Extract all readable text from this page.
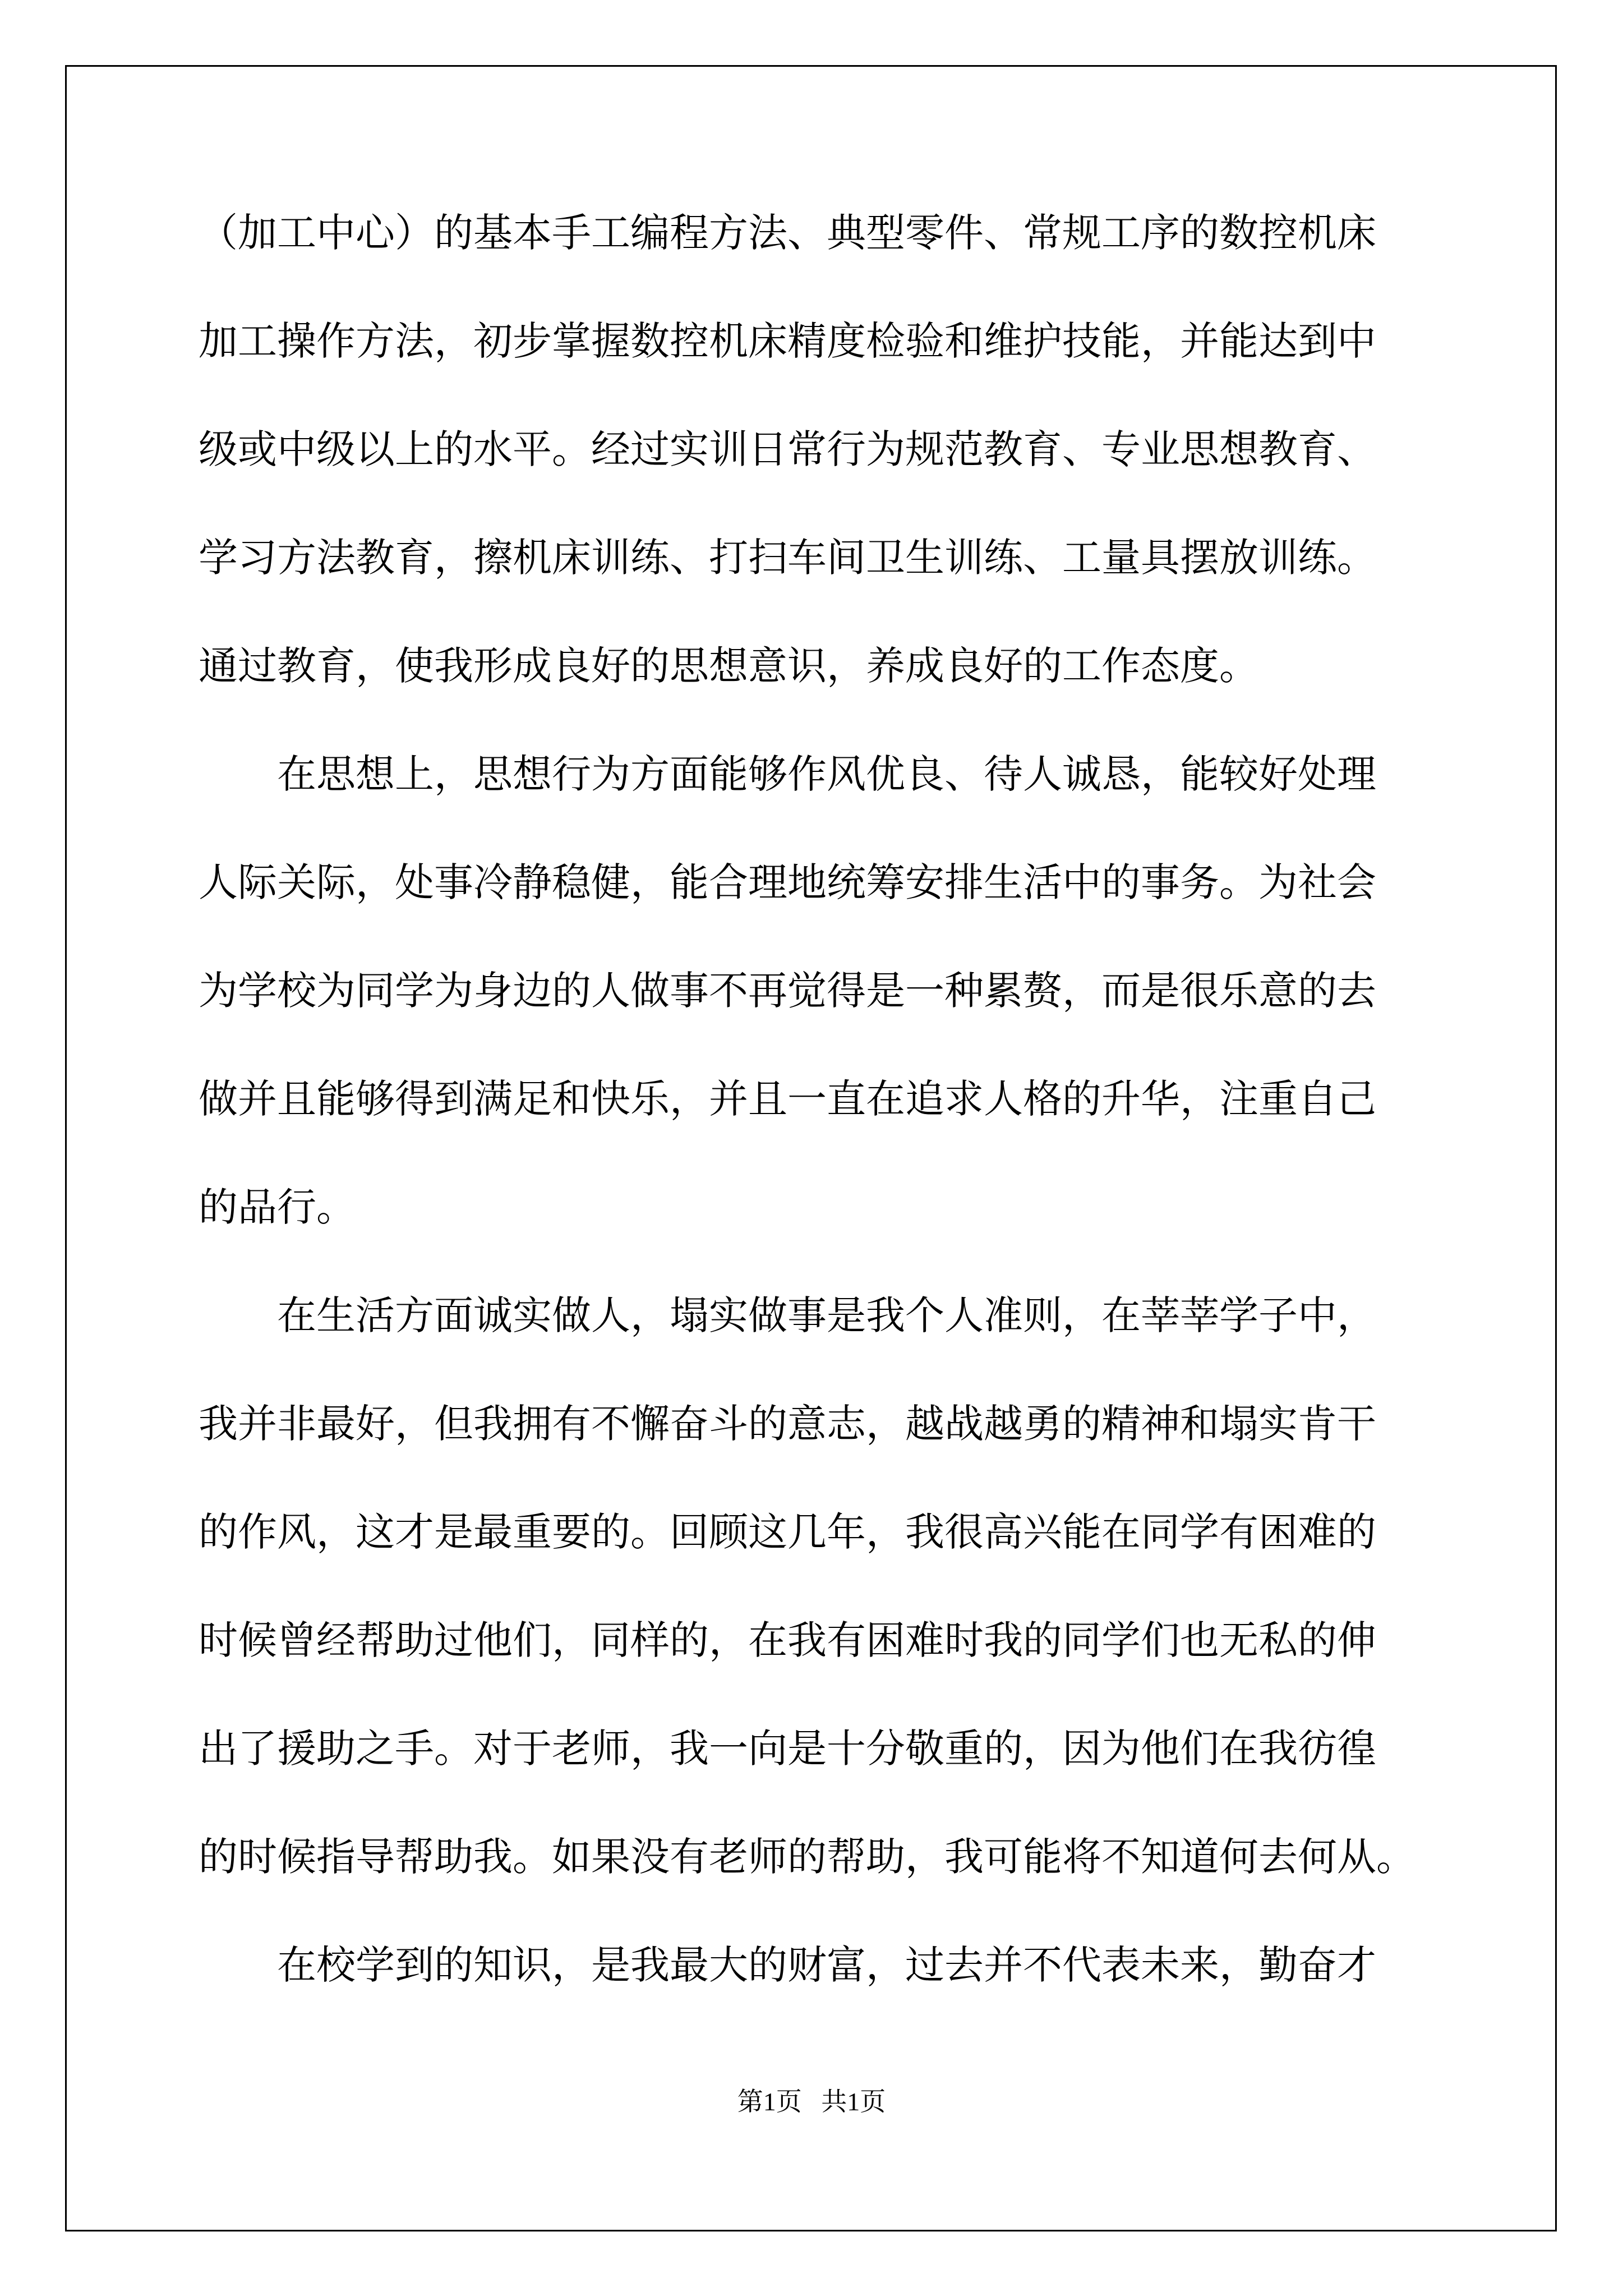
（加工中心）的基本手工编程方法、典型零件、常规工序的数控机床
加工操作方法，初步掌握数控机床精度检验和维护技能，并能达到中
级或中级以上的水平。经过实训日常行为规范教育、专业思想教育、
学习方法教育，擦机床训练、打扫车间卫生训练、工量具摆放训练。
通过教育，使我形成良好的思想意识，养成良好的工作态度。
　　在思想上，思想行为方面能够作风优良、待人诚恳，能较好处理
人际关际，处事冷静稳健，能合理地统筹安排生活中的事务。为社会
为学校为同学为身边的人做事不再觉得是一种累赘，而是很乐意的去
做并且能够得到满足和快乐，并且一直在追求人格的升华，注重自己
的品行。
　　在生活方面诚实做人，塌实做事是我个人准则，在莘莘学子中，
我并非最好，但我拥有不懈奋斗的意志，越战越勇的精神和塌实肯干
的作风，这才是最重要的。回顾这几年，我很高兴能在同学有困难的
时候曾经帮助过他们，同样的，在我有困难时我的同学们也无私的伸
出了援助之手。对于老师，我一向是十分敬重的，因为他们在我彷徨
的时候指导帮助我。如果没有老师的帮助，我可能将不知道何去何从。
　　在校学到的知识，是我最大的财富，过去并不代表未来，勤奋才
第1页   共1页
